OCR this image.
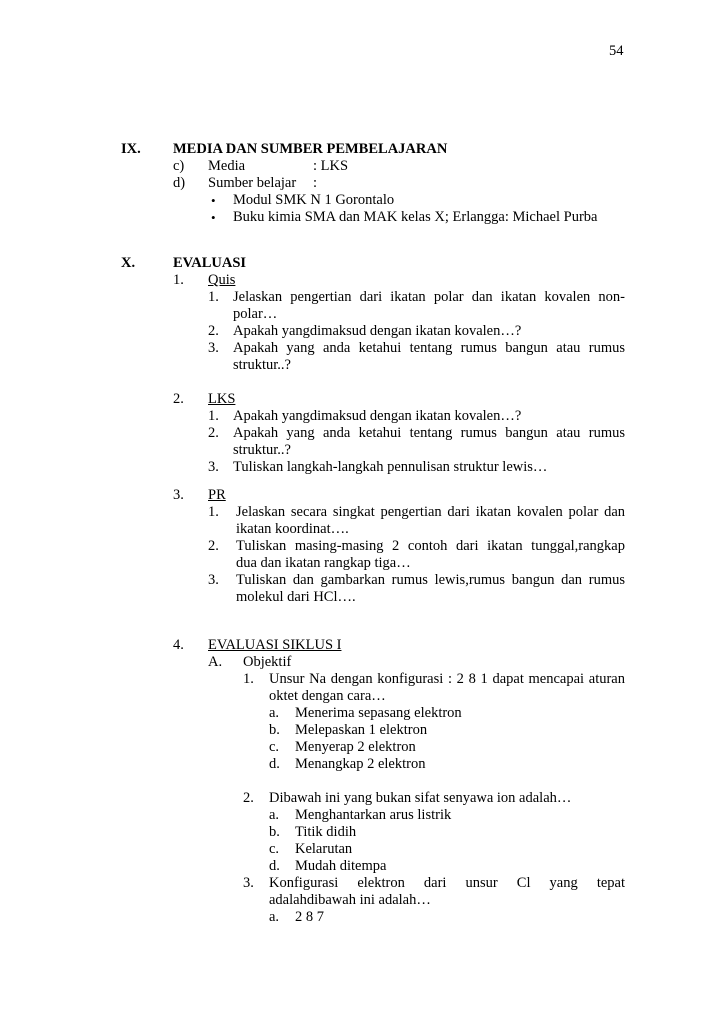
54
IX. MEDIA DAN SUMBER PEMBELAJARAN
c) Media	: LKS
d) Sumber belajar :
• Modul SMK N 1 Gorontalo
• Buku kimia SMA dan MAK kelas X; Erlangga: Michael Purba
X.	EVALUASI
1. Quis
1. Jelaskan pengertian dari ikatan polar dan ikatan kovalen non-
polar…
2. Apakah yangdimaksud dengan ikatan kovalen…?
3. Apakah yang anda ketahui tentang rumus bangun atau rumus
struktur..?
2. LKS
1. Apakah yangdimaksud dengan ikatan kovalen…?
2. Apakah yang anda ketahui tentang rumus bangun atau rumus
struktur..?
3. Tuliskan langkah-langkah pennulisan struktur lewis…
3. PR
1. Jelaskan secara singkat pengertian dari ikatan kovalen polar dan
ikatan koordinat….
2. Tuliskan masing-masing 2 contoh dari ikatan tunggal,rangkap
dua dan ikatan rangkap tiga…
3. Tuliskan dan gambarkan rumus lewis,rumus bangun dan rumus
molekul dari HCl….
4. EVALUASI SIKLUS I
A. Objektif
1. Unsur Na dengan konfigurasi : 2 8 1 dapat mencapai aturan
oktet dengan cara…
a. Menerima sepasang elektron
b. Melepaskan 1 elektron
c. Menyerap 2 elektron
d. Menangkap 2 elektron
2. Dibawah ini yang bukan sifat senyawa ion adalah…
a. Menghantarkan arus listrik
b. Titik didih
c. Kelarutan
d. Mudah ditempa
3. Konfigurasi elektron dari unsur Cl yang tepat
adalahdibawah ini adalah…
a. 2 8 7
